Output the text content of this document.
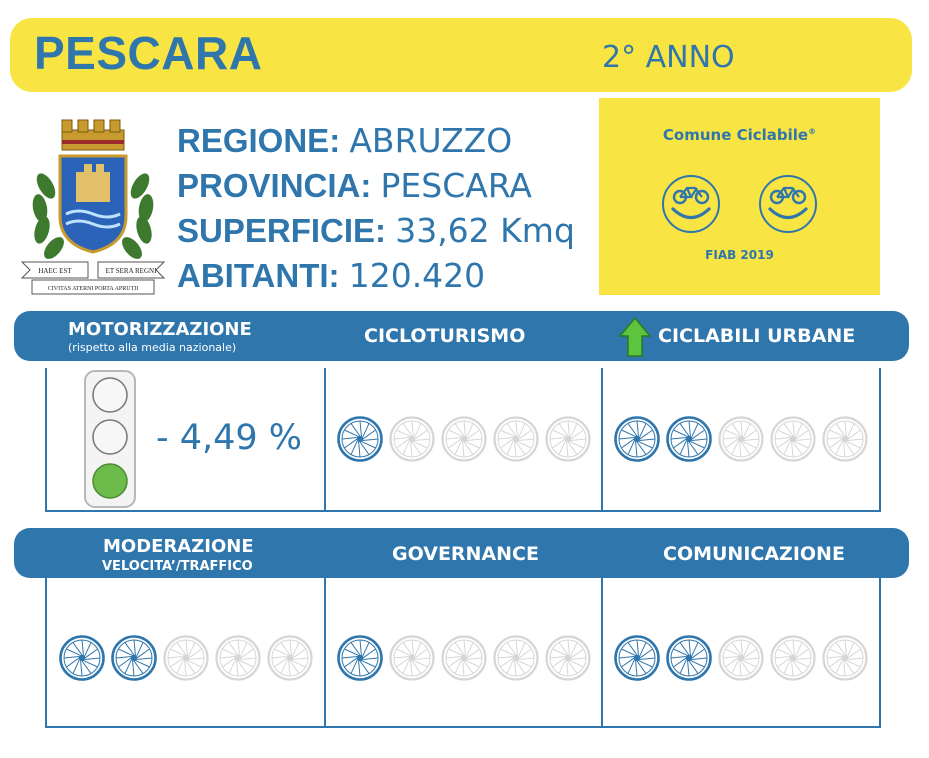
PESCARA	2° ANNO
HAEC EST	ET SERA REGNI
CIVITAS ATERNI PORTA APRUTII
REGIONE: ABRUZZO
PROVINCIA: PESCARA
SUPERFICIE: 33,62 Kmq
ABITANTI: 120.420
Comune Ciclabile®
FIAB 2019
MOTORIZZAZIONE
(rispetto alla media nazionale)
CICLOTURISMO	CICLABILI URBANE
- 4,49 %
MODERAZIONE
VELOCITA’/TRAFFICO
GOVERNANCE	COMUNICAZIONE
